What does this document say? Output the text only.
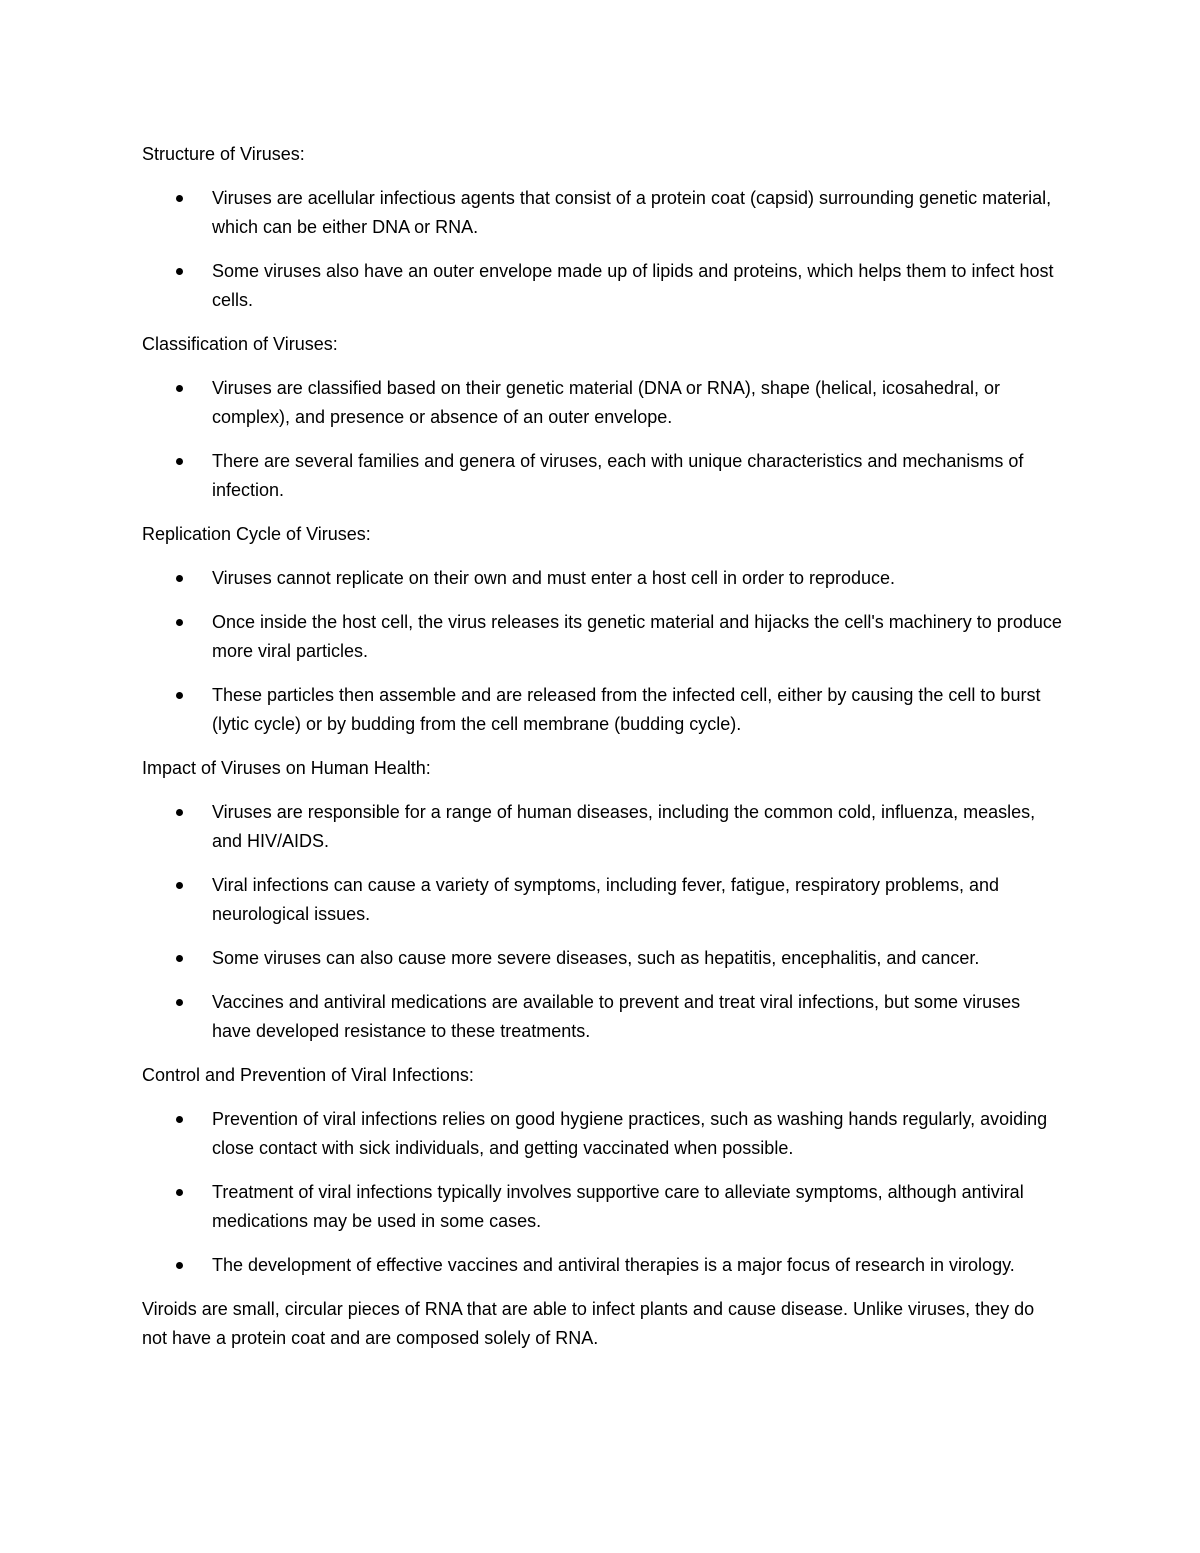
Structure of Viruses:

Viruses are acellular infectious agents that consist of a protein coat (capsid) surrounding genetic material, which can be either DNA or RNA.
Some viruses also have an outer envelope made up of lipids and proteins, which helps them to infect host cells.

Classification of Viruses:

Viruses are classified based on their genetic material (DNA or RNA), shape (helical, icosahedral, or complex), and presence or absence of an outer envelope.
There are several families and genera of viruses, each with unique characteristics and mechanisms of infection.

Replication Cycle of Viruses:

Viruses cannot replicate on their own and must enter a host cell in order to reproduce.
Once inside the host cell, the virus releases its genetic material and hijacks the cell's machinery to produce more viral particles.
These particles then assemble and are released from the infected cell, either by causing the cell to burst (lytic cycle) or by budding from the cell membrane (budding cycle).

Impact of Viruses on Human Health:

Viruses are responsible for a range of human diseases, including the common cold, influenza, measles, and HIV/AIDS.
Viral infections can cause a variety of symptoms, including fever, fatigue, respiratory problems, and neurological issues.
Some viruses can also cause more severe diseases, such as hepatitis, encephalitis, and cancer.
Vaccines and antiviral medications are available to prevent and treat viral infections, but some viruses have developed resistance to these treatments.

Control and Prevention of Viral Infections:

Prevention of viral infections relies on good hygiene practices, such as washing hands regularly, avoiding close contact with sick individuals, and getting vaccinated when possible.
Treatment of viral infections typically involves supportive care to alleviate symptoms, although antiviral medications may be used in some cases.
The development of effective vaccines and antiviral therapies is a major focus of research in virology.

Viroids are small, circular pieces of RNA that are able to infect plants and cause disease. Unlike viruses, they do not have a protein coat and are composed solely of RNA.
